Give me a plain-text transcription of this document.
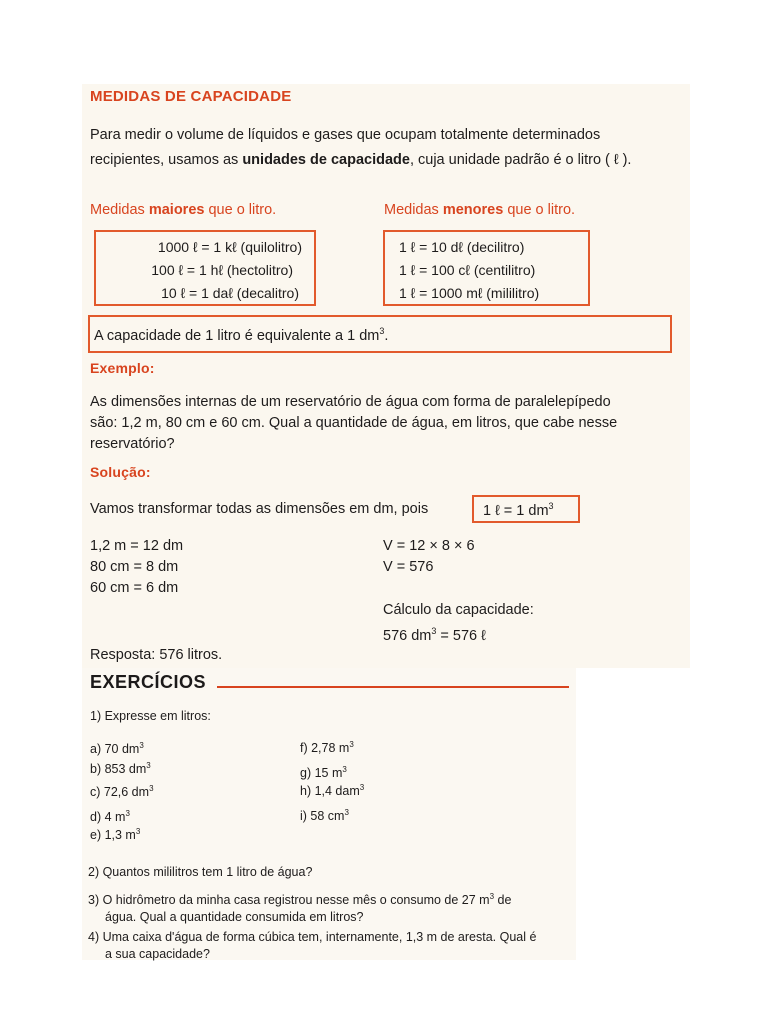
MEDIDAS DE CAPACIDADE
Para medir o volume de líquidos e gases que ocupam totalmente determinados
recipientes, usamos as unidades de capacidade, cuja unidade padrão é o litro ( ℓ ).
Medidas maiores que o litro.
1000 ℓ = 1 kℓ (quilolitro)
100 ℓ = 1 hℓ (hectolitro)
10 ℓ = 1 daℓ (decalitro)
Medidas menores que o litro.
1 ℓ = 10 dℓ (decilitro)
1 ℓ = 100 cℓ (centilitro)
1 ℓ = 1000 mℓ (mililitro)
A capacidade de 1 litro é equivalente a 1 $dm^3$.
Exemplo:
As dimensões internas de um reservatório de água com forma de paralelepípedo
são: 1,2 m, 80 cm e 60 cm. Qual a quantidade de água, em litros, que cabe nesse
reservatório?
Solução:
Vamos transformar todas as dimensões em dm, pois	1 ℓ = 1 $dm^3$
1,2 m = 12 dm
80 cm = 8 dm
60 cm = 6 dm
V = 12 × 8 × 6
V = 576
Cálculo da capacidade:
576 $dm^3 = 576$ ℓ
Resposta: 576 litros.
EXERCÍCIOS
1) Expresse em litros:
a) 70 $dm^3$
b) 853 $dm^3$
c) 72,6 $dm^3$
d) 4 $m^3$
e) 1,3 $m^3$
f) 2,78 $m^3$
g) 15 $m^3$
h) 1,4 dam$^3$
i) 58 $cm^3$
2) Quantos mililitros tem 1 litro de água?
3) O hidrômetro da minha casa registrou nesse mês o consumo de 27 $m^3$ de
água. Qual a quantidade consumida em litros?
4) Uma caixa d'água de forma cúbica tem, internamente, 1,3 m de aresta. Qual é
a sua capacidade?
